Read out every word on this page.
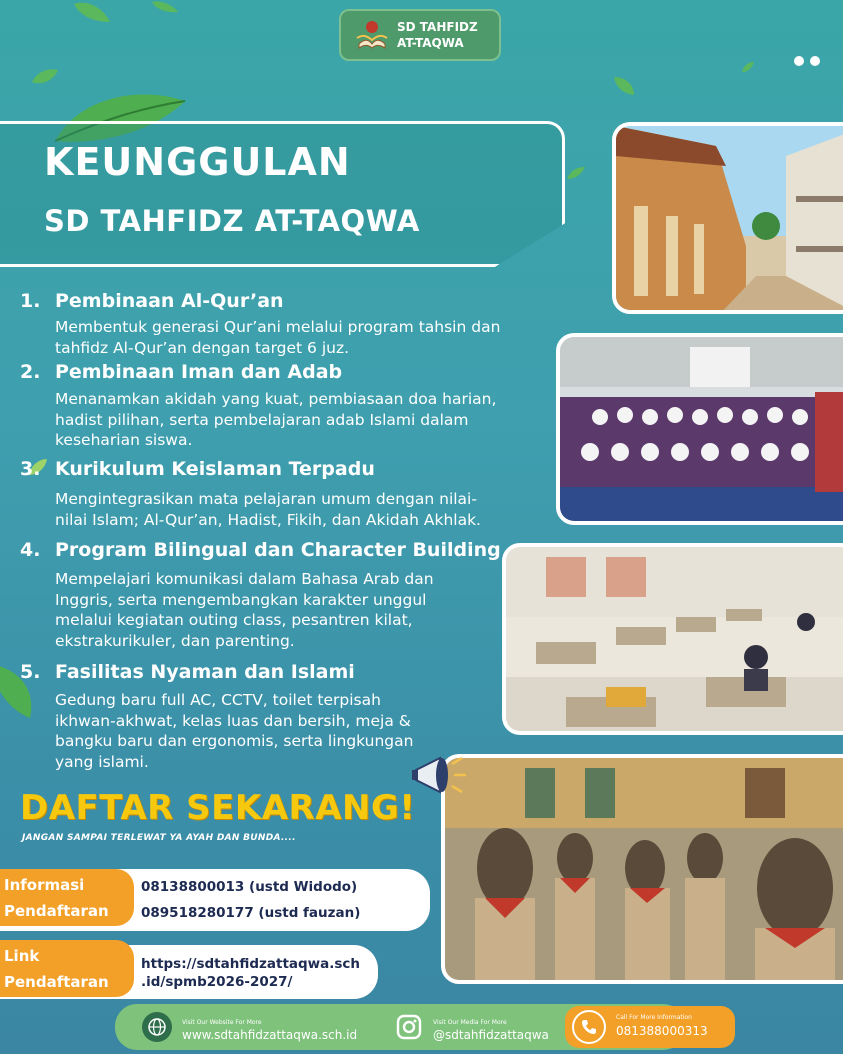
SD TAHFIDZ
AT-TAQWA
KEUNGGULAN
SD TAHFIDZ AT-TAQWA
1. Pembinaan Al-Qur’an
Membentuk generasi Qur’ani melalui program tahsin dan
tahfidz Al-Qur’an dengan target 6 juz.
2. Pembinaan Iman dan Adab
Menanamkan akidah yang kuat, pembiasaan doa harian,
hadist pilihan, serta pembelajaran adab Islami dalam
keseharian siswa.
3. Kurikulum Keislaman Terpadu
Mengintegrasikan mata pelajaran umum dengan nilai-
nilai Islam; Al-Qur’an, Hadist, Fikih, dan Akidah Akhlak.
4. Program Bilingual dan Character Building
Mempelajari komunikasi dalam Bahasa Arab dan
Inggris, serta mengembangkan karakter unggul
melalui kegiatan outing class, pesantren kilat,
ekstrakurikuler, dan parenting.
5. Fasilitas Nyaman dan Islami
Gedung baru full AC, CCTV, toilet terpisah
ikhwan-akhwat, kelas luas dan bersih, meja &
bangku baru dan ergonomis, serta lingkungan
yang islami.
DAFTAR SEKARANG!
JANGAN SAMPAI TERLEWAT YA AYAH DAN BUNDA....
Informasi
Pendaftaran
08138800013 (ustd Widodo)
089518280177 (ustd fauzan)
Link
Pendaftaran
https://sdtahfidzattaqwa.sch
.id/spmb2026-2027/
Visit Our Website For More
www.sdtahfidzattaqwa.sch.id
Visit Our Media For More
@sdtahfidzattaqwa
Call For More Information
081388000313
